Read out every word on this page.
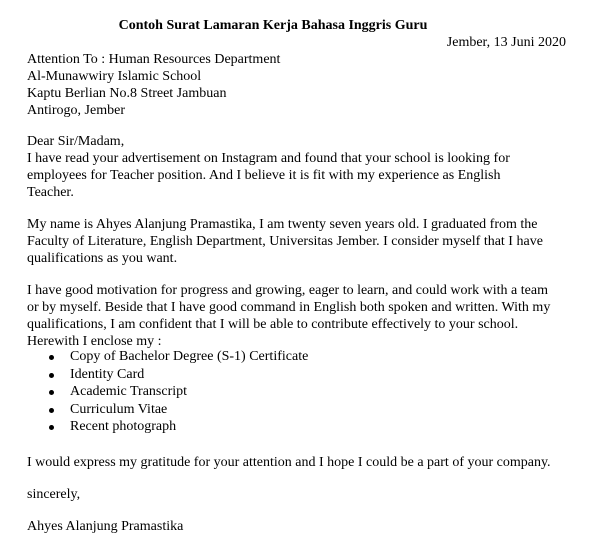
Contoh Surat Lamaran Kerja Bahasa Inggris Guru
Jember, 13 Juni 2020
Attention To : Human Resources Department
Al-Munawwiry Islamic School
Kaptu Berlian No.8 Street Jambuan
Antirogo, Jember
Dear Sir/Madam,
I have read your advertisement on Instagram and found that your school is looking for
employees for Teacher position. And I believe it is fit with my experience as English
Teacher.
My name is Ahyes Alanjung Pramastika, I am twenty seven years old. I graduated from the
Faculty of Literature, English Department, Universitas Jember. I consider myself that I have
qualifications as you want.
I have good motivation for progress and growing, eager to learn, and could work with a team
or by myself. Beside that I have good command in English both spoken and written. With my
qualifications, I am confident that I will be able to contribute effectively to your school.
Herewith I enclose my :
Copy of Bachelor Degree (S-1) Certificate
Identity Card
Academic Transcript
Curriculum Vitae
Recent photograph
I would express my gratitude for your attention and I hope I could be a part of your company.
sincerely,
Ahyes Alanjung Pramastika
